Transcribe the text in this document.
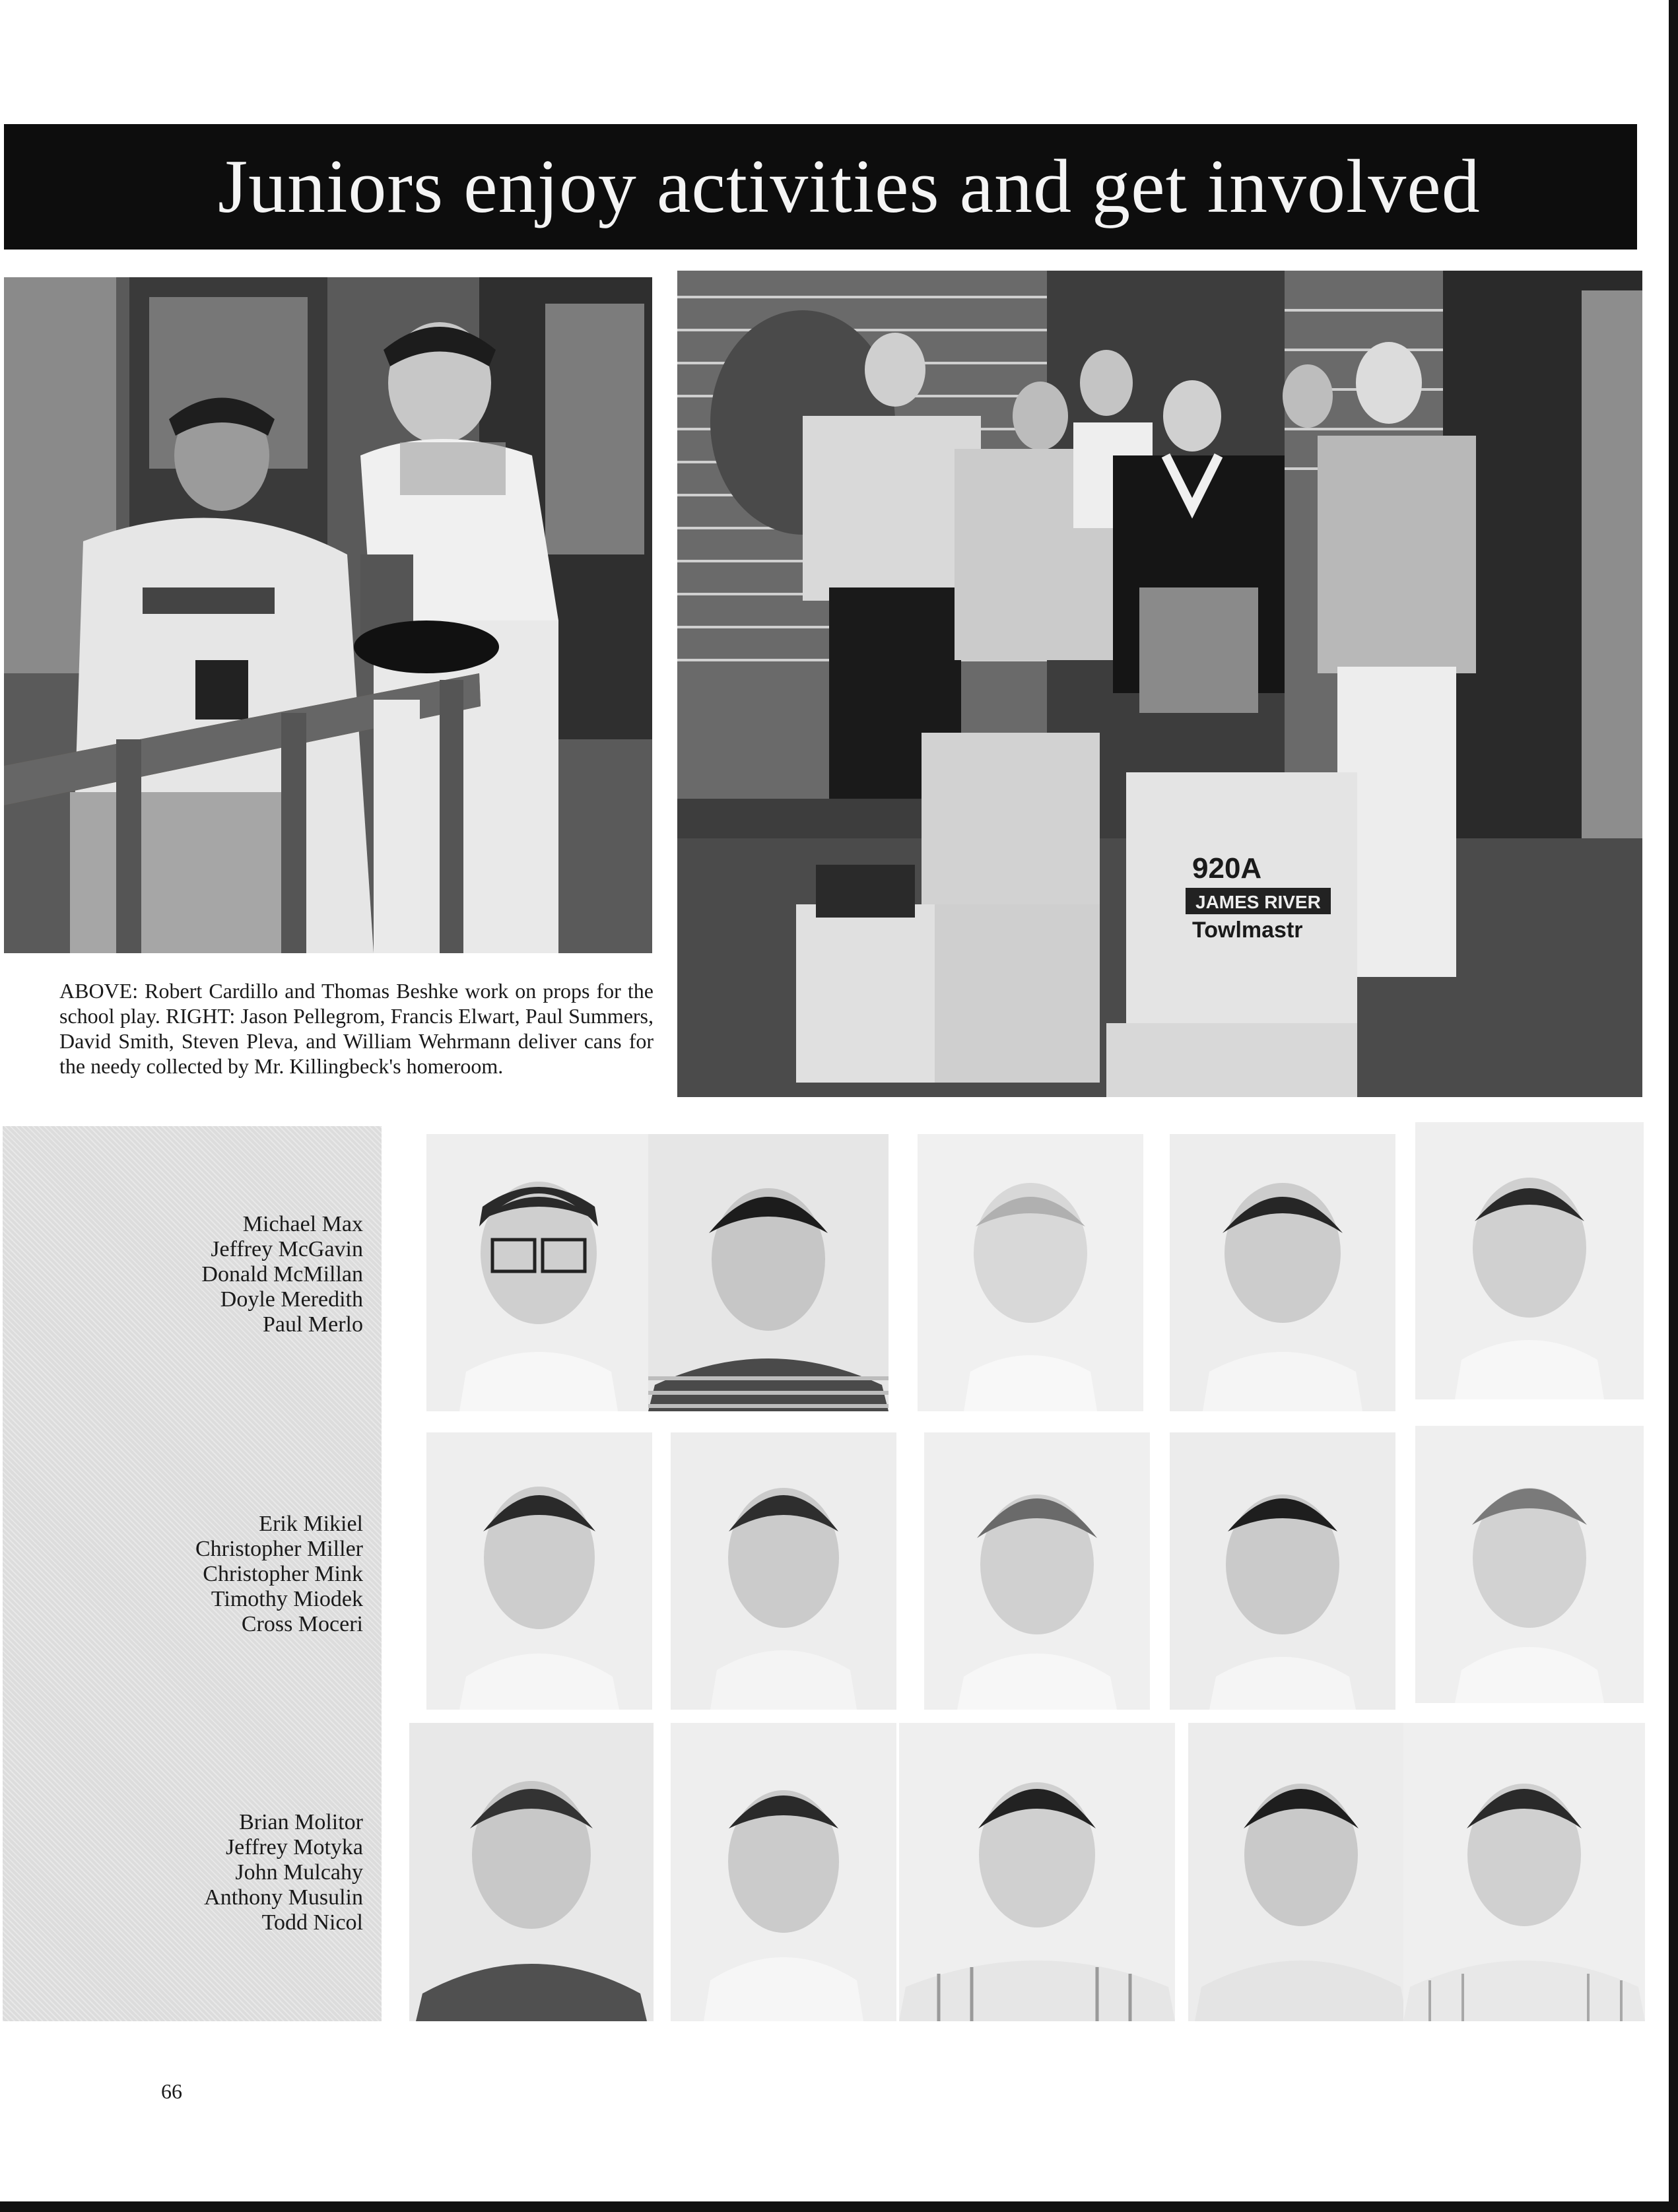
Juniors enjoy activities and get involved
920A
JAMES RIVER
Towlmastr
ABOVE: Robert Cardillo and Thomas Beshke work on props for the school play. RIGHT: Jason Pellegrom, Francis Elwart, Paul Summers, David Smith, Steven Pleva, and William Wehrmann deliver cans for the needy collected by Mr. Killingbeck's homeroom.
Michael Max
Jeffrey McGavin
Donald McMillan
Doyle Meredith
Paul Merlo
Erik Mikiel
Christopher Miller
Christopher Mink
Timothy Miodek
Cross Moceri
Brian Molitor
Jeffrey Motyka
John Mulcahy
Anthony Musulin
Todd Nicol
66
